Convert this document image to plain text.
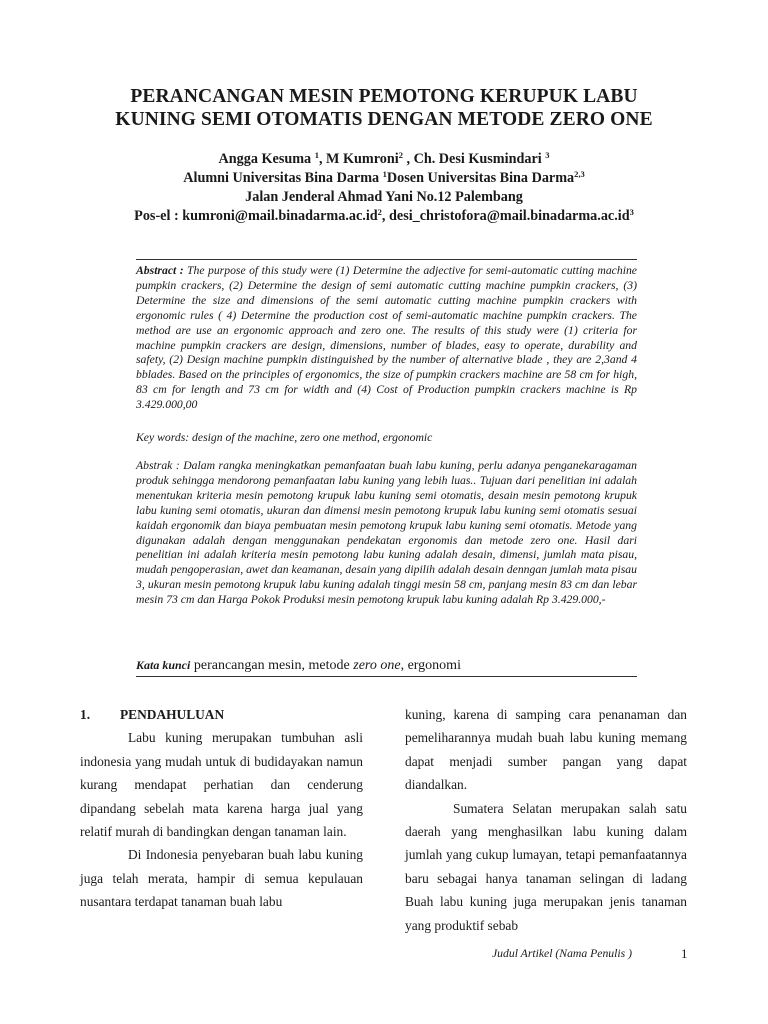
PERANCANGAN MESIN PEMOTONG KERUPUK LABU
KUNING SEMI OTOMATIS DENGAN METODE ZERO ONE
Angga Kesuma $^1$, M Kumroni$^2$ , Ch. Desi Kusmindari $^3$
Alumni Universitas Bina Darma $^1$Dosen Universitas Bina Darma$^{2,3}$
Jalan Jenderal Ahmad Yani No.12 Palembang
Pos-el : $kumroni@mail.binadarma.ac.id^2$, $desi\_christofora@mail.binadarma.ac.id^3$
Abstract : The purpose of this study were (1) Determine the adjective for semi-automatic cutting machine pumpkin crackers, (2) Determine the design of semi automatic cutting machine pumpkin crackers, (3) Determine the size and dimensions of the semi automatic cutting machine pumpkin crackers with ergonomic rules ( 4) Determine the production cost of semi-automatic machine pumpkin crackers. The method are use an ergonomic approach and zero one. The results of this study were (1) criteria for machine pumpkin crackers are design, dimensions, number of blades, easy to operate, durability and safety, (2) Design machine pumpkin distinguished by the number of alternative blade , they are 2,3and 4 bblades. Based on the principles of ergonomics, the size of pumpkin crackers machine are 58 cm for high, 83 cm for length and 73 cm for width and (4) Cost of Production pumpkin crackers machine is Rp 3.429.000,00
Key words: design of the machine, zero one method, ergonomic
Abstrak : Dalam rangka meningkatkan pemanfaatan buah labu kuning, perlu adanya penganekaragaman produk sehingga mendorong pemanfaatan labu kuning yang lebih luas.. Tujuan dari penelitian ini adalah menentukan kriteria mesin pemotong krupuk labu kuning semi otomatis, desain mesin pemotong krupuk labu kuning semi otomatis, ukuran dan dimensi mesin pemotong krupuk labu kuning semi otomatis sesuai kaidah ergonomik dan biaya pembuatan mesin pemotong krupuk labu kuning semi otomatis. Metode yang digunakan adalah dengan menggunakan pendekatan ergonomis dan metode zero one. Hasil dari penelitian ini adalah kriteria mesin pemotong labu kuning adalah desain, dimensi, jumlah mata pisau, mudah pengoperasian, awet dan keamanan, desain yang dipilih adalah desain denngan jumlah mata pisau 3, ukuran mesin pemotong krupuk labu kuning adalah tinggi mesin 58 cm, panjang mesin 83 cm dan lebar mesin 73 cm dan Harga Pokok Produksi mesin pemotong krupuk labu kuning adalah Rp 3.429.000,-
Kata kunci perancangan mesin, metode zero one, ergonomi
1.	PENDAHULUAN

Labu kuning merupakan tumbuhan asli indonesia yang mudah untuk di budidayakan namun kurang mendapat perhatian dan cenderung dipandang sebelah mata karena harga jual yang relatif murah di bandingkan dengan tanaman lain.

Di Indonesia penyebaran buah labu kuning juga telah merata, hampir di semua kepulauan nusantara terdapat tanaman buah labu

kuning, karena di samping cara penanaman dan pemeliharannya mudah buah labu kuning memang dapat menjadi sumber pangan yang dapat diandalkan.

Sumatera Selatan merupakan salah satu daerah yang menghasilkan labu kuning dalam jumlah yang cukup lumayan, tetapi pemanfaatannya baru sebagai hanya tanaman selingan di ladang Buah labu kuning juga merupakan jenis tanaman yang produktif sebab

Judul Artikel (Nama Penulis )	1
